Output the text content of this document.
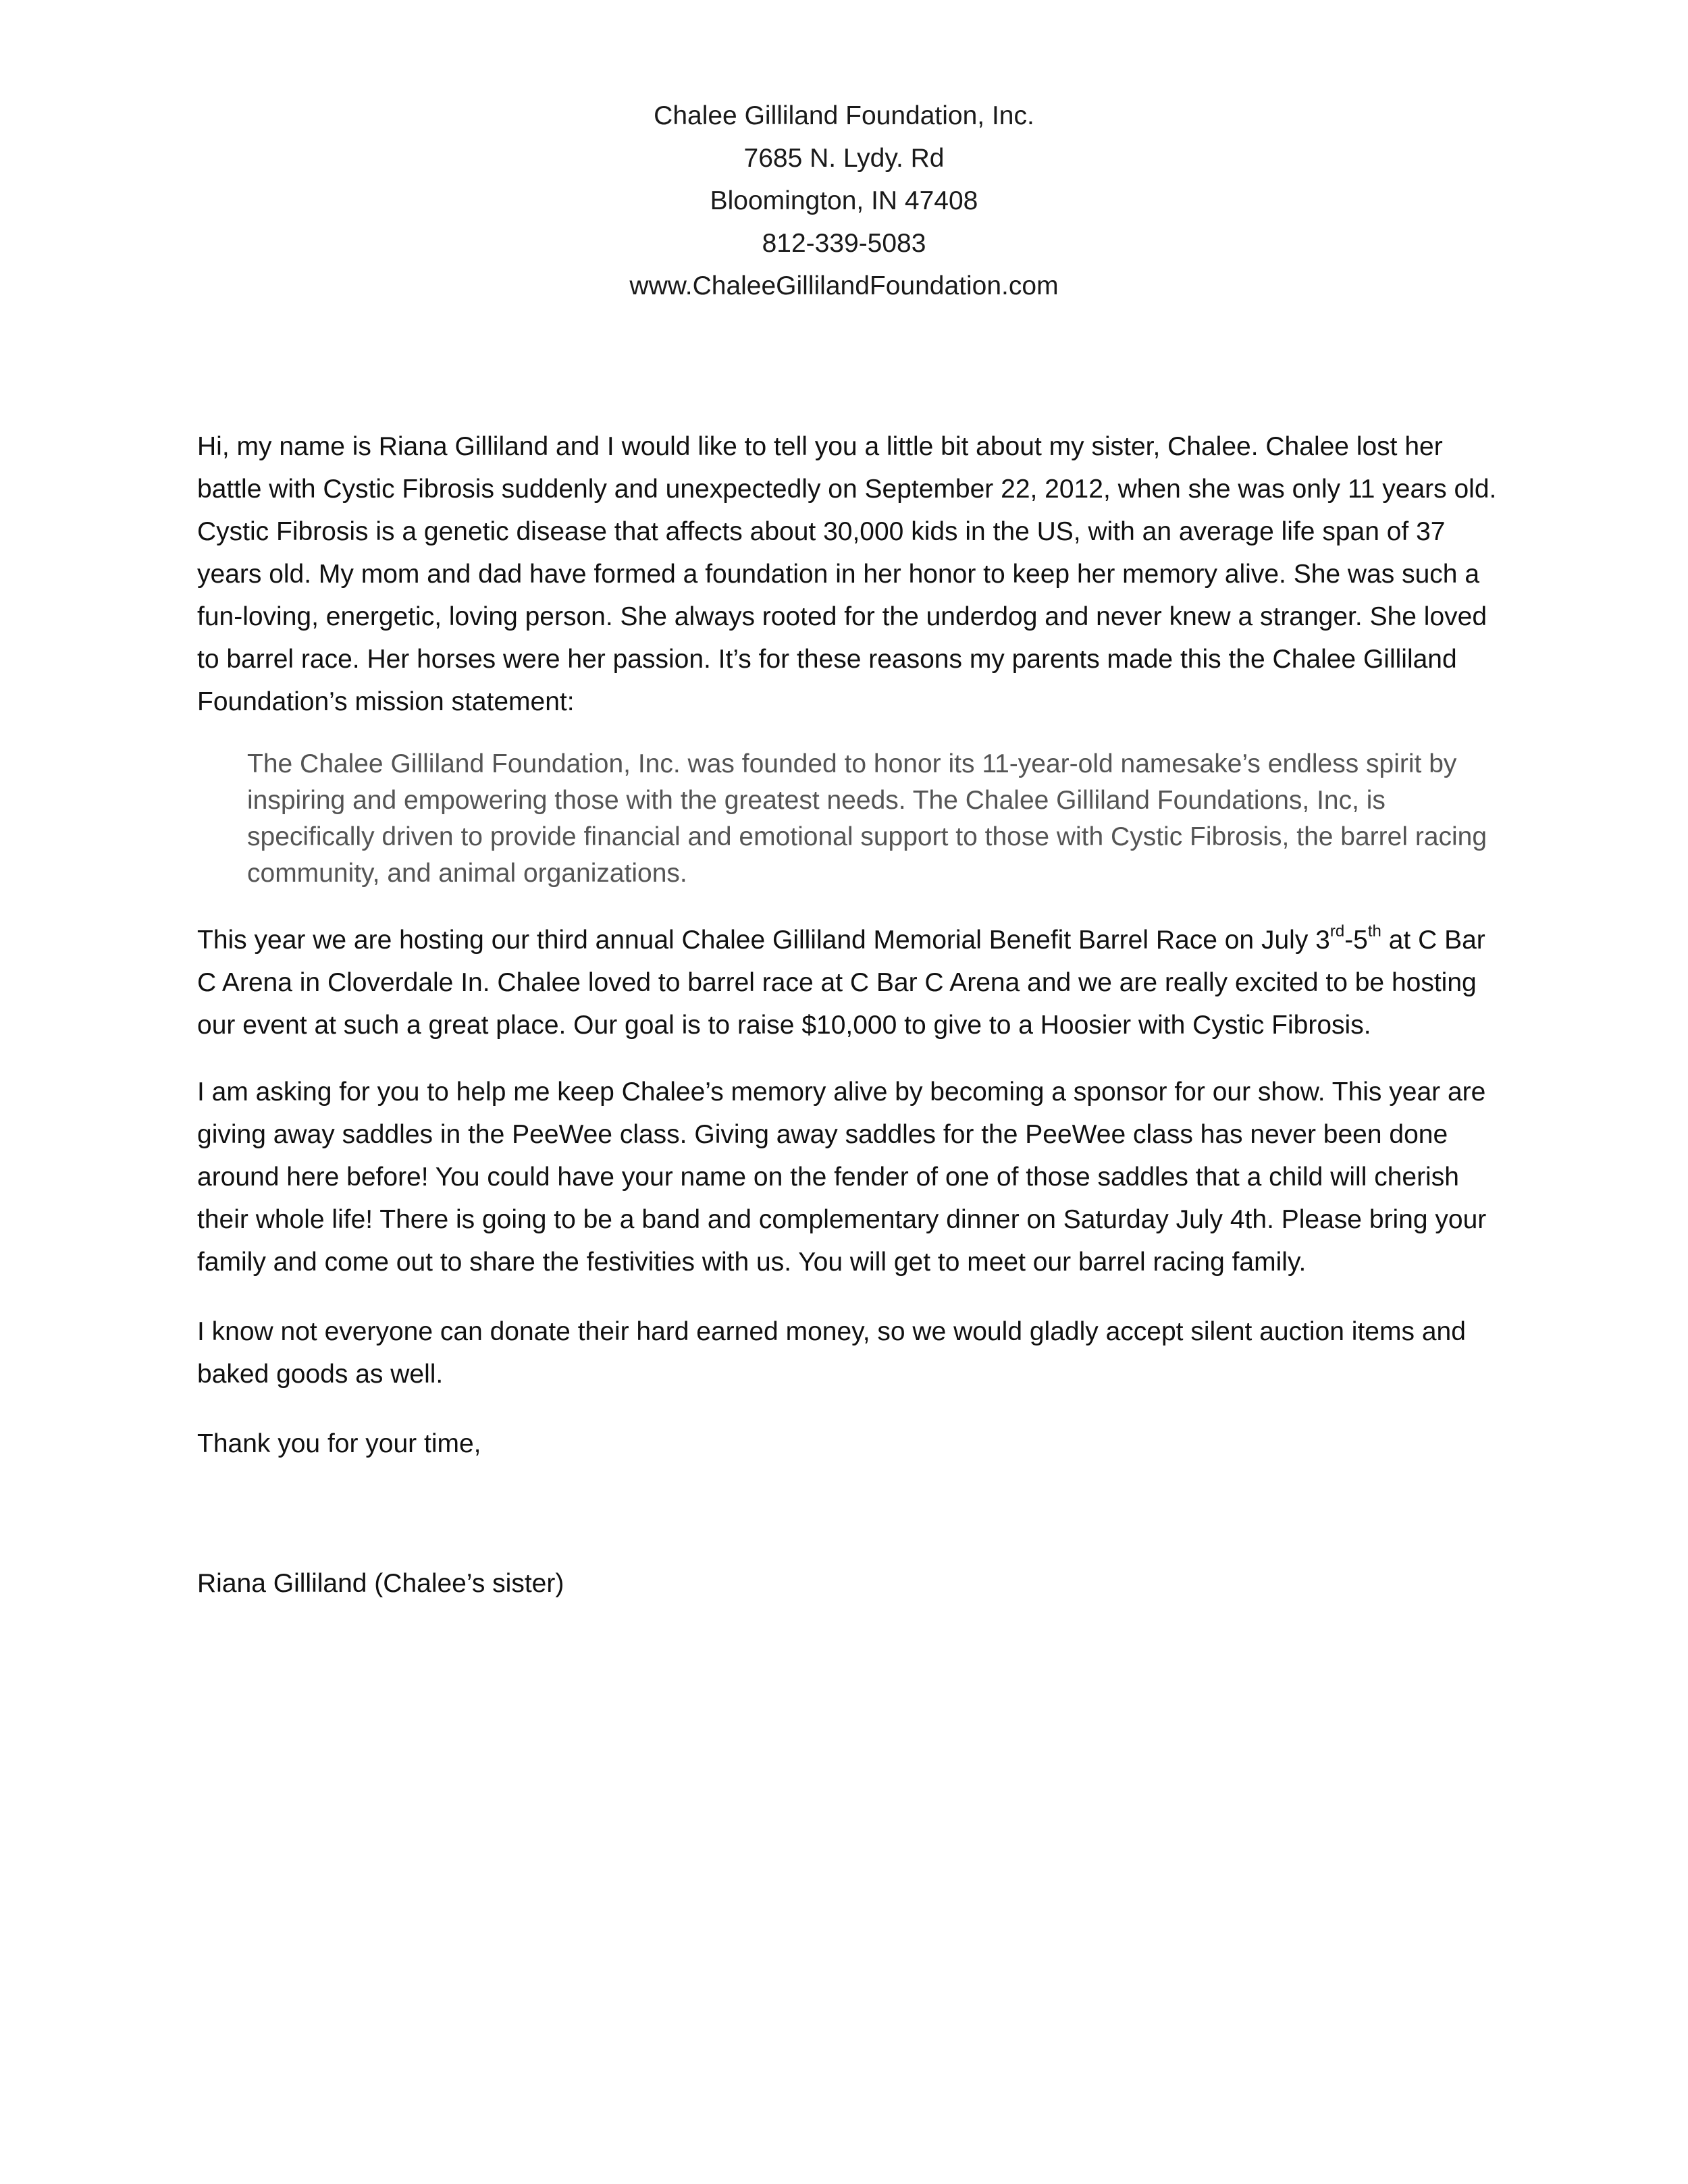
Chalee Gilliland Foundation, Inc.
7685 N. Lydy. Rd
Bloomington, IN 47408
812-339-5083
www.ChaleeGillilandFoundation.com

Hi, my name is Riana Gilliland and I would like to tell you a little bit about my sister, Chalee. Chalee lost her battle with Cystic Fibrosis suddenly and unexpectedly on September 22, 2012, when she was only 11 years old. Cystic Fibrosis is a genetic disease that affects about 30,000 kids in the US, with an average life span of 37 years old. My mom and dad have formed a foundation in her honor to keep her memory alive. She was such a fun-loving, energetic, loving person. She always rooted for the underdog and never knew a stranger. She loved to barrel race. Her horses were her passion. It’s for these reasons my parents made this the Chalee Gilliland Foundation’s mission statement:

The Chalee Gilliland Foundation, Inc. was founded to honor its 11-year-old namesake’s endless spirit by inspiring and empowering those with the greatest needs. The Chalee Gilliland Foundations, Inc, is specifically driven to provide financial and emotional support to those with Cystic Fibrosis, the barrel racing community, and animal organizations.

This year we are hosting our third annual Chalee Gilliland Memorial Benefit Barrel Race on July 3rd-5th at C Bar C Arena in Cloverdale In. Chalee loved to barrel race at C Bar C Arena and we are really excited to be hosting our event at such a great place. Our goal is to raise $10,000 to give to a Hoosier with Cystic Fibrosis.

I am asking for you to help me keep Chalee’s memory alive by becoming a sponsor for our show. This year are giving away saddles in the PeeWee class. Giving away saddles for the PeeWee class has never been done around here before! You could have your name on the fender of one of those saddles that a child will cherish their whole life! There is going to be a band and complementary dinner on Saturday July 4th. Please bring your family and come out to share the festivities with us. You will get to meet our barrel racing family.

I know not everyone can donate their hard earned money, so we would gladly accept silent auction items and baked goods as well.

Thank you for your time,

Riana Gilliland (Chalee’s sister)
